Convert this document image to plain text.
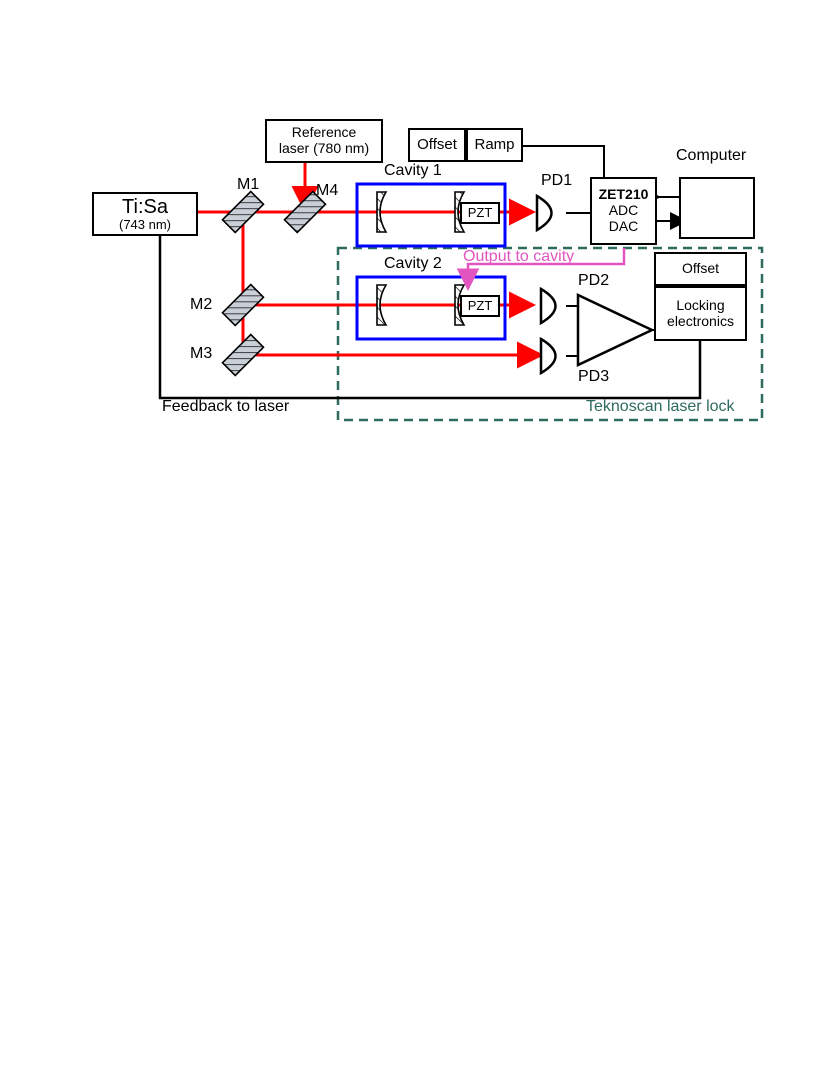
Ti:Sa
(743 nm)
Reference
laser (780 nm)	Offset Ramp
ZET210
ADC
DAC
Computer
Offset
Locking
electronics
PZT
PZT
M1
M2
M3
M4
Cavity 1
Cavity 2
PD1
PD2
PD3
Feedback to laser
Output to cavity
Teknoscan laser lock
